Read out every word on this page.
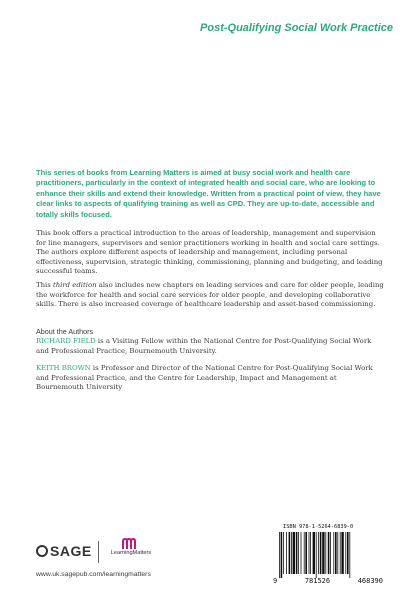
Post-Qualifying Social Work Practice

This series of books from Learning Matters is aimed at busy social work and health care practitioners, particularly in the context of integrated health and social care, who are looking to enhance their skills and extend their knowledge. Written from a practical point of view, they have clear links to aspects of qualifying training as well as CPD. They are up-to-date, accessible and totally skills focused.

This book offers a practical introduction to the areas of leadership, management and supervision for line managers, supervisors and senior practitioners working in health and social care settings. The authors explore different aspects of leadership and management, including personal effectiveness, supervision, strategic thinking, commissioning, planning and budgeting, and leading successful teams.

This third edition also includes new chapters on leading services and care for older people, leading the workforce for health and social care services for older people, and developing collaborative skills. There is also increased coverage of healthcare leadership and asset-based commissioning.

About the Authors

RICHARD FIELD is a Visiting Fellow within the National Centre for Post-Qualifying Social Work and Professional Practice, Bournemouth University.

KEITH BROWN is Professor and Director of the National Centre for Post-Qualifying Social Work and Professional Practice, and the Centre for Leadership, Impact and Management at Bournemouth University

SAGE	LearningMatters
www.uk.sagepub.com/learningmatters
ISBN 978-1-5264-6839-0
9	781526	468390
